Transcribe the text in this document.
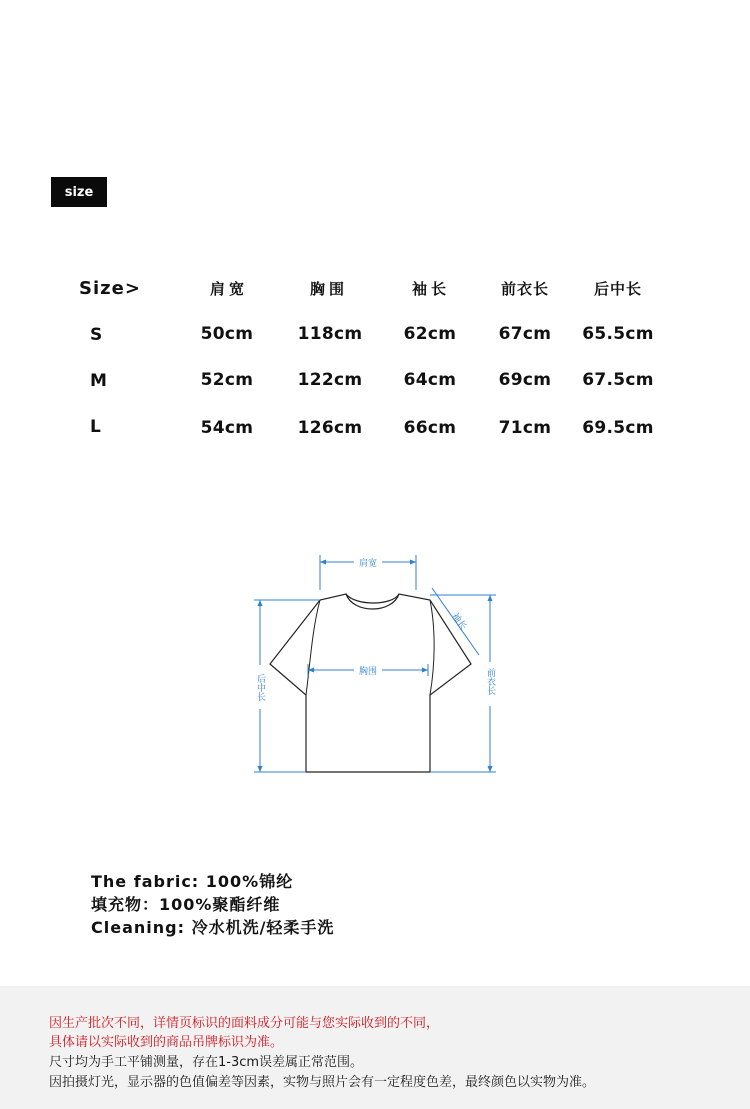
size
Size>	肩宽	胸围	袖长	前衣长	后中长
S	50cm	118cm 62cm 67cm 65.5cm
M	52cm	122cm 64cm 69cm 67.5cm
L	54cm	126cm 66cm 71cm 69.5cm
肩宽
胸围
袖长
后中长	前衣长
The fabric: 100%锦纶
填充物：100%聚酯纤维
Cleaning: 冷水机洗/轻柔手洗
因生产批次不同，详情页标识的面料成分可能与您实际收到的不同，
具体请以实际收到的商品吊牌标识为准。
尺寸均为手工平铺测量，存在1-3cm误差属正常范围。
因拍摄灯光，显示器的色值偏差等因素，实物与照片会有一定程度色差，最终颜色以实物为准。
